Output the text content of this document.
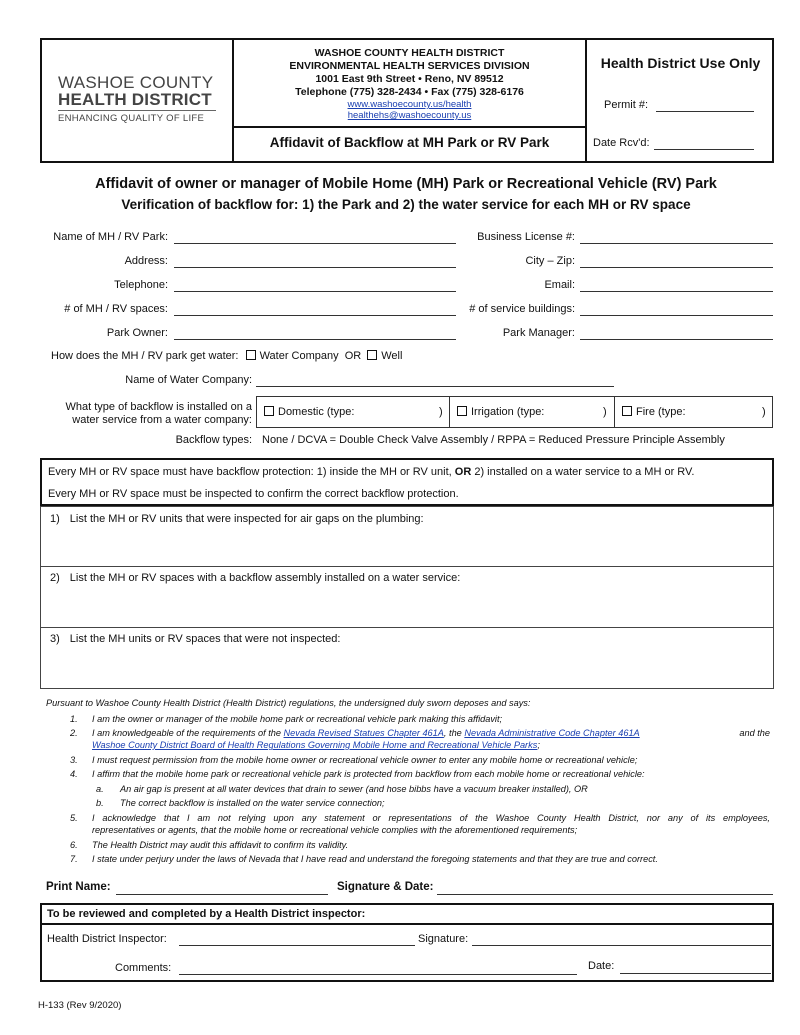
WASHOE COUNTY
HEALTH DISTRICT
ENHANCING QUALITY OF LIFE
WASHOE COUNTY HEALTH DISTRICT
ENVIRONMENTAL HEALTH SERVICES DIVISION
1001 East 9th Street • Reno, NV 89512
Telephone (775) 328-2434 • Fax (775) 328-6176
www.washoecounty.us/health
healthehs@washoecounty.us
Affidavit of Backflow at MH Park or RV Park
Health District Use Only
Permit #:
Date Rcv'd:
Affidavit of owner or manager of Mobile Home (MH) Park or Recreational Vehicle (RV) Park
Verification of backflow for: 1) the Park and 2) the water service for each MH or RV space
Name of MH / RV Park:	Business License #:
Address:	City – Zip:
Telephone:	Email:
# of MH / RV spaces:	# of service buildings:
Park Owner:	Park Manager:
How does the MH / RV park get water: Water Company OR Well
Name of Water Company:
What type of backflow is installed on a
water service from a water company:
Domestic (type:	)	Irrigation (type:	)	Fire (type:	)
Backflow types: None / DCVA = Double Check Valve Assembly / RPPA = Reduced Pressure Principle Assembly
Every MH or RV space must have backflow protection: 1) inside the MH or RV unit, OR 2) installed on a water service to a MH or RV.
Every MH or RV space must be inspected to confirm the correct backflow protection.
1) List the MH or RV units that were inspected for air gaps on the plumbing:
2) List the MH or RV spaces with a backflow assembly installed on a water service:
3) List the MH units or RV spaces that were not inspected:
Pursuant to Washoe County Health District (Health District) regulations, the undersigned duly sworn deposes and says:
1. I am the owner or manager of the mobile home park or recreational vehicle park making this affidavit;
2. I am knowledgeable of the requirements of the Nevada Revised Statues Chapter 461A, the Nevada Administrative Code Chapter 461A	and the
Washoe County District Board of Health Regulations Governing Mobile Home and Recreational Vehicle Parks;
3. I must request permission from the mobile home owner or recreational vehicle owner to enter any mobile home or recreational vehicle;
4. I affirm that the mobile home park or recreational vehicle park is protected from backflow from each mobile home or recreational vehicle:
a. An air gap is present at all water devices that drain to sewer (and hose bibbs have a vacuum breaker installed), OR
b. The correct backflow is installed on the water service connection;
5. I acknowledge that I am not relying upon any statement or representations of the Washoe County Health District, nor any of its employees,
representatives or agents, that the mobile home or recreational vehicle complies with the aforementioned requirements;
6. The Health District may audit this affidavit to confirm its validity.
7. I state under perjury under the laws of Nevada that I have read and understand the foregoing statements and that they are true and correct.
Print Name:	Signature & Date:
To be reviewed and completed by a Health District inspector:
Health District Inspector:	Signature:
Comments:	Date:
H-133 (Rev 9/2020)
